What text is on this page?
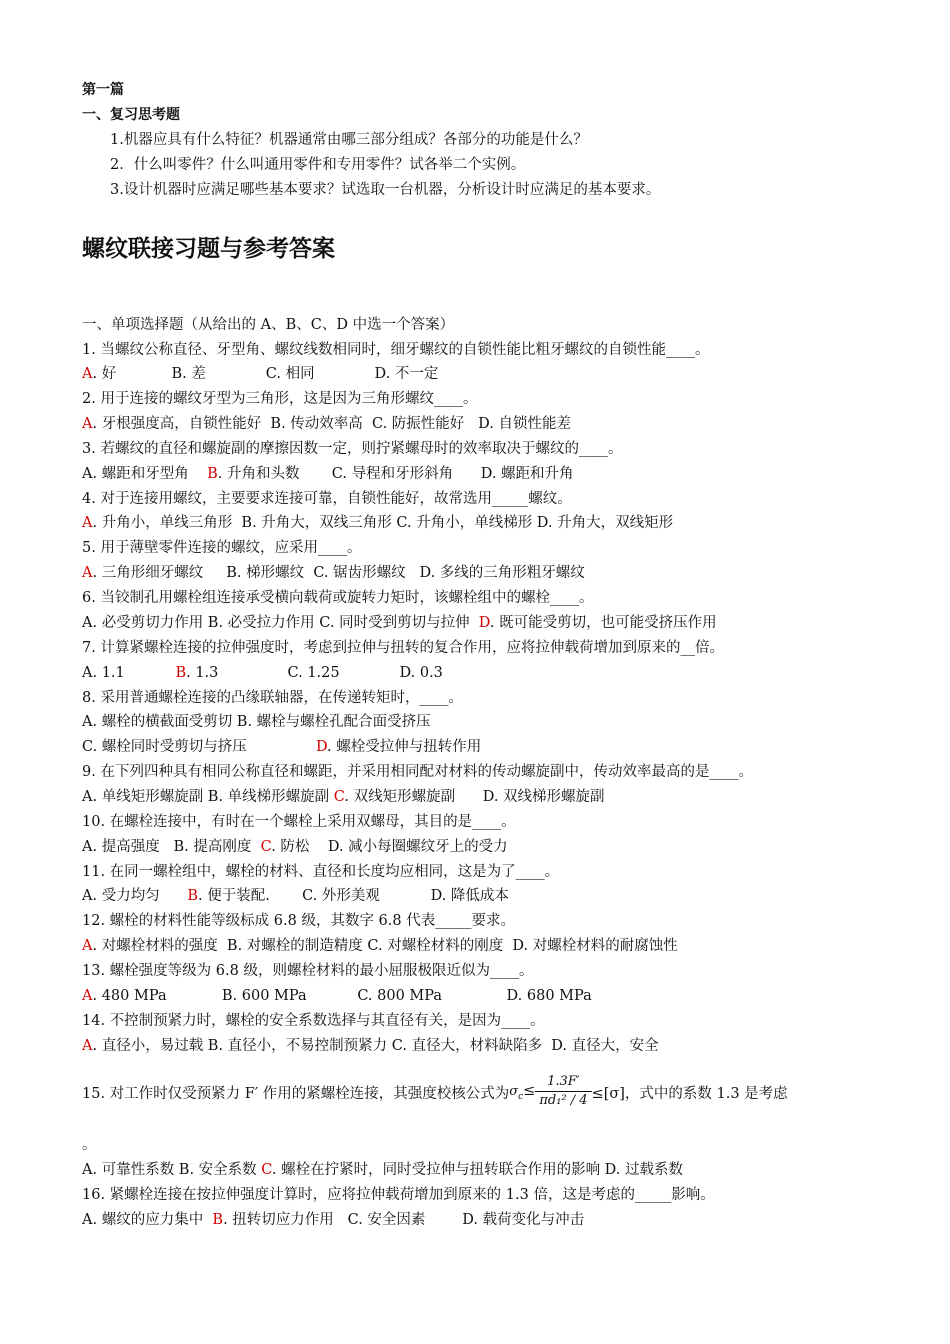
第一篇
一、复习思考题
1.机器应具有什么特征？机器通常由哪三部分组成？各部分的功能是什么？
2．什么叫零件？什么叫通用零件和专用零件？试各举二个实例。
3.设计机器时应满足哪些基本要求？试选取一台机器，分析设计时应满足的基本要求。
螺纹联接习题与参考答案
一、单项选择题（从给出的 A、B、C、D 中选一个答案）
1. 当螺纹公称直径、牙型角、螺纹线数相同时，细牙螺纹的自锁性能比粗牙螺纹的自锁性能____。
A. 好            B. 差             C. 相同             D. 不一定
2. 用于连接的螺纹牙型为三角形，这是因为三角形螺纹____。
A. 牙根强度高，自锁性能好  B. 传动效率高  C. 防振性能好   D. 自锁性能差
3. 若螺纹的直径和螺旋副的摩擦因数一定，则拧紧螺母时的效率取决于螺纹的____。
A. 螺距和牙型角    B. 升角和头数       C. 导程和牙形斜角      D. 螺距和升角
4. 对于连接用螺纹，主要要求连接可靠，自锁性能好，故常选用_____螺纹。
A. 升角小，单线三角形  B. 升角大，双线三角形 C. 升角小，单线梯形 D. 升角大，双线矩形
5. 用于薄壁零件连接的螺纹，应采用____。
A. 三角形细牙螺纹     B. 梯形螺纹  C. 锯齿形螺纹   D. 多线的三角形粗牙螺纹
6. 当铰制孔用螺栓组连接承受横向载荷或旋转力矩时，该螺栓组中的螺栓____。
A. 必受剪切力作用 B. 必受拉力作用 C. 同时受到剪切与拉伸  D. 既可能受剪切，也可能受挤压作用
7. 计算紧螺栓连接的拉伸强度时，考虑到拉伸与扭转的复合作用，应将拉伸载荷增加到原来的__倍。
A. 1.1           B. 1.3               C. 1.25             D. 0.3
8. 采用普通螺栓连接的凸缘联轴器，在传递转矩时，____。
A. 螺栓的横截面受剪切 B. 螺栓与螺栓孔配合面受挤压
C. 螺栓同时受剪切与挤压               D. 螺栓受拉伸与扭转作用
9. 在下列四种具有相同公称直径和螺距，并采用相同配对材料的传动螺旋副中，传动效率最高的是____。
A. 单线矩形螺旋副 B. 单线梯形螺旋副 C. 双线矩形螺旋副      D. 双线梯形螺旋副
10. 在螺栓连接中，有时在一个螺栓上采用双螺母，其目的是____。
A. 提高强度   B. 提高刚度  C. 防松    D. 减小每圈螺纹牙上的受力
11. 在同一螺栓组中，螺栓的材料、直径和长度均应相同，这是为了____。
A. 受力均匀      B. 便于装配.       C. 外形美观           D. 降低成本
12. 螺栓的材料性能等级标成 6.8 级，其数字 6.8 代表_____要求。
A. 对螺栓材料的强度  B. 对螺栓的制造精度 C. 对螺栓材料的刚度  D. 对螺栓材料的耐腐蚀性
13. 螺栓强度等级为 6.8 级，则螺栓材料的最小屈服极限近似为____。
A. 480 MPa            B. 600 MPa           C. 800 MPa              D. 680 MPa
14. 不控制预紧力时，螺栓的安全系数选择与其直径有关，是因为____。
A. 直径小，易过载 B. 直径小，不易控制预紧力 C. 直径大，材料缺陷多  D. 直径大，安全
15. 对工作时仅受预紧力 F′ 作用的紧螺栓连接，其强度校核公式为$\sigma_c\le \frac{1.3F'}{\text{πd₁² / 4}} \le[\sigma]$，式中的系数 1.3 是考虑
。
A. 可靠性系数 B. 安全系数 C. 螺栓在拧紧时，同时受拉伸与扭转联合作用的影响 D. 过载系数
16. 紧螺栓连接在按拉伸强度计算时，应将拉伸载荷增加到原来的 1.3 倍，这是考虑的_____影响。
A. 螺纹的应力集中  B. 扭转切应力作用   C. 安全因素        D. 载荷变化与冲击
